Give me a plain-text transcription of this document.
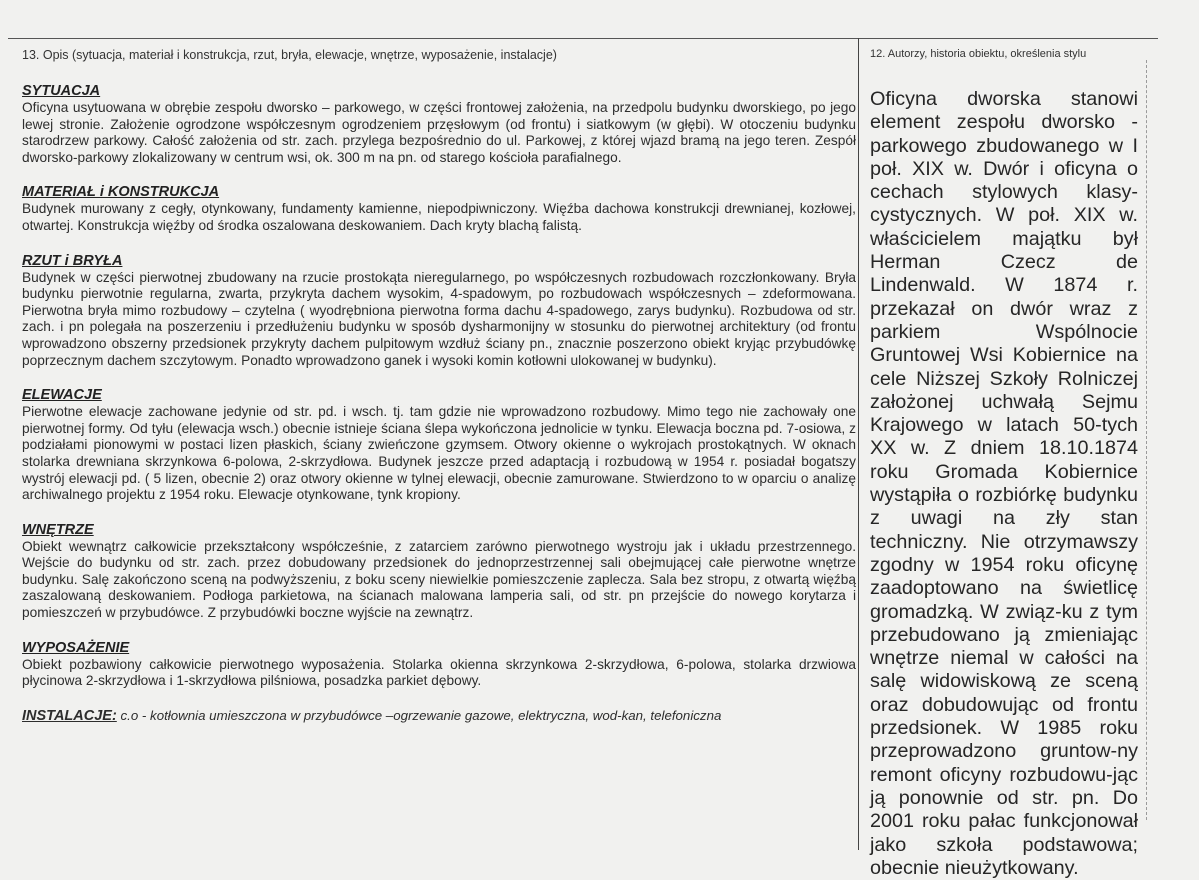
13. Opis (sytuacja, materiał i konstrukcja, rzut, bryła, elewacje, wnętrze, wyposażenie, instalacje)

SYTUACJA

Oficyna usytuowana w obrębie zespołu dworsko – parkowego, w części frontowej założenia, na przedpolu budynku dworskiego, po jego lewej stronie. Założenie ogrodzone współczesnym ogrodzeniem przęsłowym (od frontu) i siatkowym (w głębi). W otoczeniu budynku starodrzew parkowy. Całość założenia od str. zach. przylega bezpośrednio do ul. Parkowej, z której wjazd bramą na jego teren. Zespół dworsko-parkowy zlokalizowany w centrum wsi, ok. 300 m na pn. od starego kościoła parafialnego.

MATERIAŁ i KONSTRUKCJA

Budynek murowany z cegły, otynkowany, fundamenty kamienne, niepodpiwniczony. Więźba dachowa konstrukcji drewnianej, kozłowej, otwartej. Konstrukcja więźby od środka oszalowana deskowaniem. Dach kryty blachą falistą.

RZUT i BRYŁA

Budynek w części pierwotnej zbudowany na rzucie prostokąta nieregularnego, po współczesnych rozbudowach rozczłonkowany. Bryła budynku pierwotnie regularna, zwarta, przykryta dachem wysokim, 4-spadowym, po rozbudowach współczesnych – zdeformowana. Pierwotna bryła mimo rozbudowy – czytelna ( wyodrębniona pierwotna forma dachu 4-spadowego, zarys budynku). Rozbudowa od str. zach. i pn polegała na poszerzeniu i przedłużeniu budynku w sposób dysharmonijny w stosunku do pierwotnej architektury (od frontu wprowadzono obszerny przedsionek przykryty dachem pulpitowym wzdłuż ściany pn., znacznie poszerzono obiekt kryjąc przybudówkę poprzecznym dachem szczytowym. Ponadto wprowadzono ganek i wysoki komin kotłowni ulokowanej w budynku).

ELEWACJE

Pierwotne elewacje zachowane jedynie od str. pd. i wsch. tj. tam gdzie nie wprowadzono rozbudowy. Mimo tego nie zachowały one pierwotnej formy. Od tyłu (elewacja wsch.) obecnie istnieje ściana ślepa wykończona jednolicie w tynku. Elewacja boczna pd. 7-osiowa, z podziałami pionowymi w postaci lizen płaskich, ściany zwieńczone gzymsem. Otwory okienne o wykrojach prostokątnych. W oknach stolarka drewniana skrzynkowa 6-polowa, 2-skrzydłowa. Budynek jeszcze przed adaptacją i rozbudową w 1954 r. posiadał bogatszy wystrój elewacji pd. ( 5 lizen, obecnie 2) oraz otwory okienne w tylnej elewacji, obecnie zamurowane. Stwierdzono to w oparciu o analizę archiwalnego projektu z 1954 roku. Elewacje otynkowane, tynk kropiony.

WNĘTRZE

Obiekt wewnątrz całkowicie przekształcony współcześnie, z zatarciem zarówno pierwotnego wystroju jak i układu przestrzennego. Wejście do budynku od str. zach. przez dobudowany przedsionek do jednoprzestrzennej sali obejmującej całe pierwotne wnętrze budynku. Salę zakończono sceną na podwyższeniu, z boku sceny niewielkie pomieszczenie zaplecza. Sala bez stropu, z otwartą więźbą zaszalowaną deskowaniem. Podłoga parkietowa, na ścianach malowana lamperia sali, od str. pn przejście do nowego korytarza i pomieszczeń w przybudówce. Z przybudówki boczne wyjście na zewnątrz.

WYPOSAŻENIE

Obiekt pozbawiony całkowicie pierwotnego wyposażenia. Stolarka okienna skrzynkowa 2-skrzydłowa, 6-polowa, stolarka drzwiowa płycinowa 2-skrzydłowa i 1-skrzydłowa pilśniowa, posadzka parkiet dębowy.

INSTALACJE: c.o - kotłownia umieszczona w przybudówce –ogrzewanie gazowe, elektryczna, wod-kan, telefoniczna

12. Autorzy, historia obiektu, określenia stylu

Oficyna dworska stanowi element zespołu dworsko - parkowego zbudowanego w I poł. XIX w. Dwór i oficyna o cechach stylowych klasy-cystycznych. W poł. XIX w. właścicielem majątku był Herman Czecz de Lindenwald. W 1874 r. przekazał on dwór wraz z parkiem Wspólnocie Gruntowej Wsi Kobiernice na cele Niższej Szkoły Rolniczej założonej uchwałą Sejmu Krajowego w latach 50-tych XX w. Z dniem 18.10.1874 roku Gromada Kobiernice wystąpiła o rozbiórkę budynku z uwagi na zły stan techniczny. Nie otrzymawszy zgodny w 1954 roku oficynę zaadoptowano na świetlicę gromadzką. W związ-ku z tym przebudowano ją zmieniając wnętrze niemal w całości na salę widowiskową ze sceną oraz dobudowując od frontu przedsionek. W 1985 roku przeprowadzono gruntow-ny remont oficyny rozbudowu-jąc ją ponownie od str. pn. Do 2001 roku pałac funkcjonował jako szkoła podstawowa; obecnie nieużytkowany.
